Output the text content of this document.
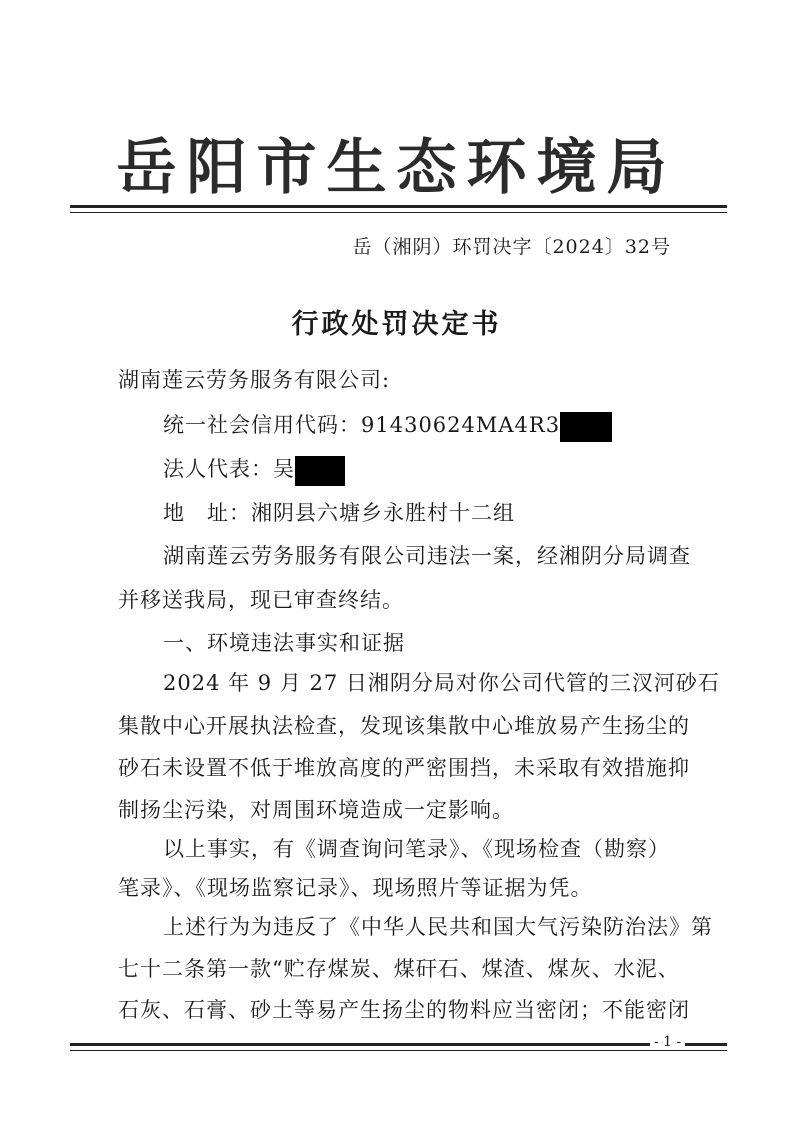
岳阳市生态环境局
岳（湘阴）环罚决字〔2024〕32号
行政处罚决定书
湖南莲云劳务服务有限公司:
统一社会信用代码：91430624MA4R3
法人代表：吴
地　址：湘阴县六塘乡永胜村十二组
湖南莲云劳务服务有限公司违法一案，经湘阴分局调查
并移送我局，现已审查终结。
一、环境违法事实和证据
2024 年 9 月 27 日湘阴分局对你公司代管的三汊河砂石
集散中心开展执法检查，发现该集散中心堆放易产生扬尘的
砂石未设置不低于堆放高度的严密围挡，未采取有效措施抑
制扬尘污染，对周围环境造成一定影响。
以上事实，有《调查询问笔录》、《现场检查（勘察）
笔录》、《现场监察记录》、现场照片等证据为凭。
上述行为为违反了《中华人民共和国大气污染防治法》第
七十二条第一款“贮存煤炭、煤矸石、煤渣、煤灰、水泥、
石灰、石膏、砂土等易产生扬尘的物料应当密闭；不能密闭
- 1 -
